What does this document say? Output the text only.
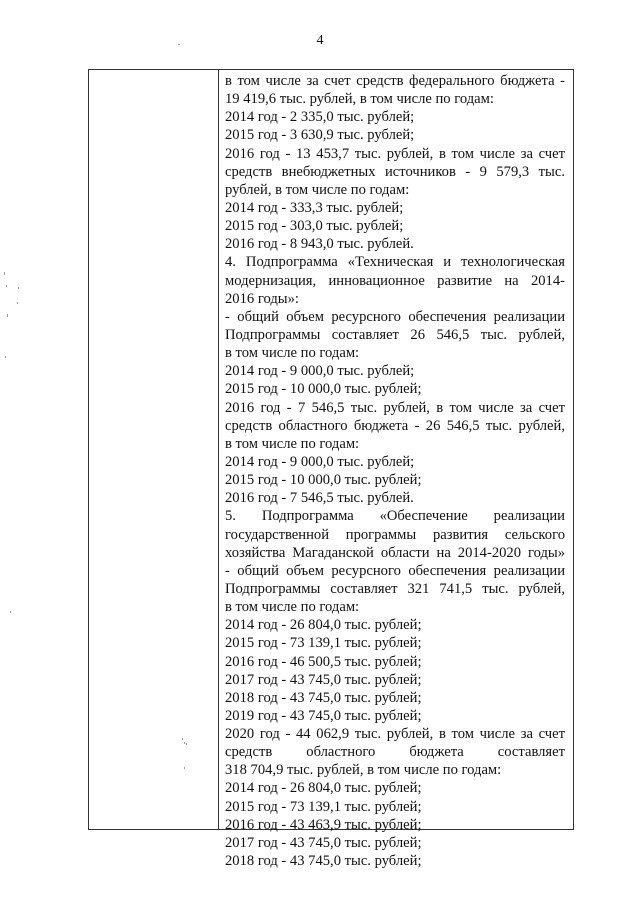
4
в том числе за счет средств федерального бюджета -
19 419,6 тыс. рублей, в том числе по годам:
2014 год - 2 335,0 тыс. рублей;
2015 год - 3 630,9 тыс. рублей;
2016 год - 13 453,7 тыс. рублей, в том числе за счет
средств внебюджетных источников - 9 579,3 тыс.
рублей, в том числе по годам:
2014 год - 333,3 тыс. рублей;
2015 год - 303,0 тыс. рублей;
2016 год - 8 943,0 тыс. рублей.
4. Подпрограмма «Техническая и технологическая
модернизация, инновационное развитие на 2014-
2016 годы»:
- общий объем ресурсного обеспечения реализации
Подпрограммы составляет 26 546,5 тыс. рублей,
в том числе по годам:
2014 год - 9 000,0 тыс. рублей;
2015 год - 10 000,0 тыс. рублей;
2016 год - 7 546,5 тыс. рублей, в том числе за счет
средств областного бюджета - 26 546,5 тыс. рублей,
в том числе по годам:
2014 год - 9 000,0 тыс. рублей;
2015 год - 10 000,0 тыс. рублей;
2016 год - 7 546,5 тыс. рублей.
5. Подпрограмма «Обеспечение реализации
государственной программы развития сельского
хозяйства Магаданской области на 2014-2020 годы»
- общий объем ресурсного обеспечения реализации
Подпрограммы составляет 321 741,5 тыс. рублей,
в том числе по годам:
2014 год - 26 804,0 тыс. рублей;
2015 год - 73 139,1 тыс. рублей;
2016 год - 46 500,5 тыс. рублей;
2017 год - 43 745,0 тыс. рублей;
2018 год - 43 745,0 тыс. рублей;
2019 год - 43 745,0 тыс. рублей;
2020 год - 44 062,9 тыс. рублей, в том числе за счет
средств областного бюджета составляет
318 704,9 тыс. рублей, в том числе по годам:
2014 год - 26 804,0 тыс. рублей;
2015 год - 73 139,1 тыс. рублей;
2016 год - 43 463,9 тыс. рублей;
2017 год - 43 745,0 тыс. рублей;
2018 год - 43 745,0 тыс. рублей;
